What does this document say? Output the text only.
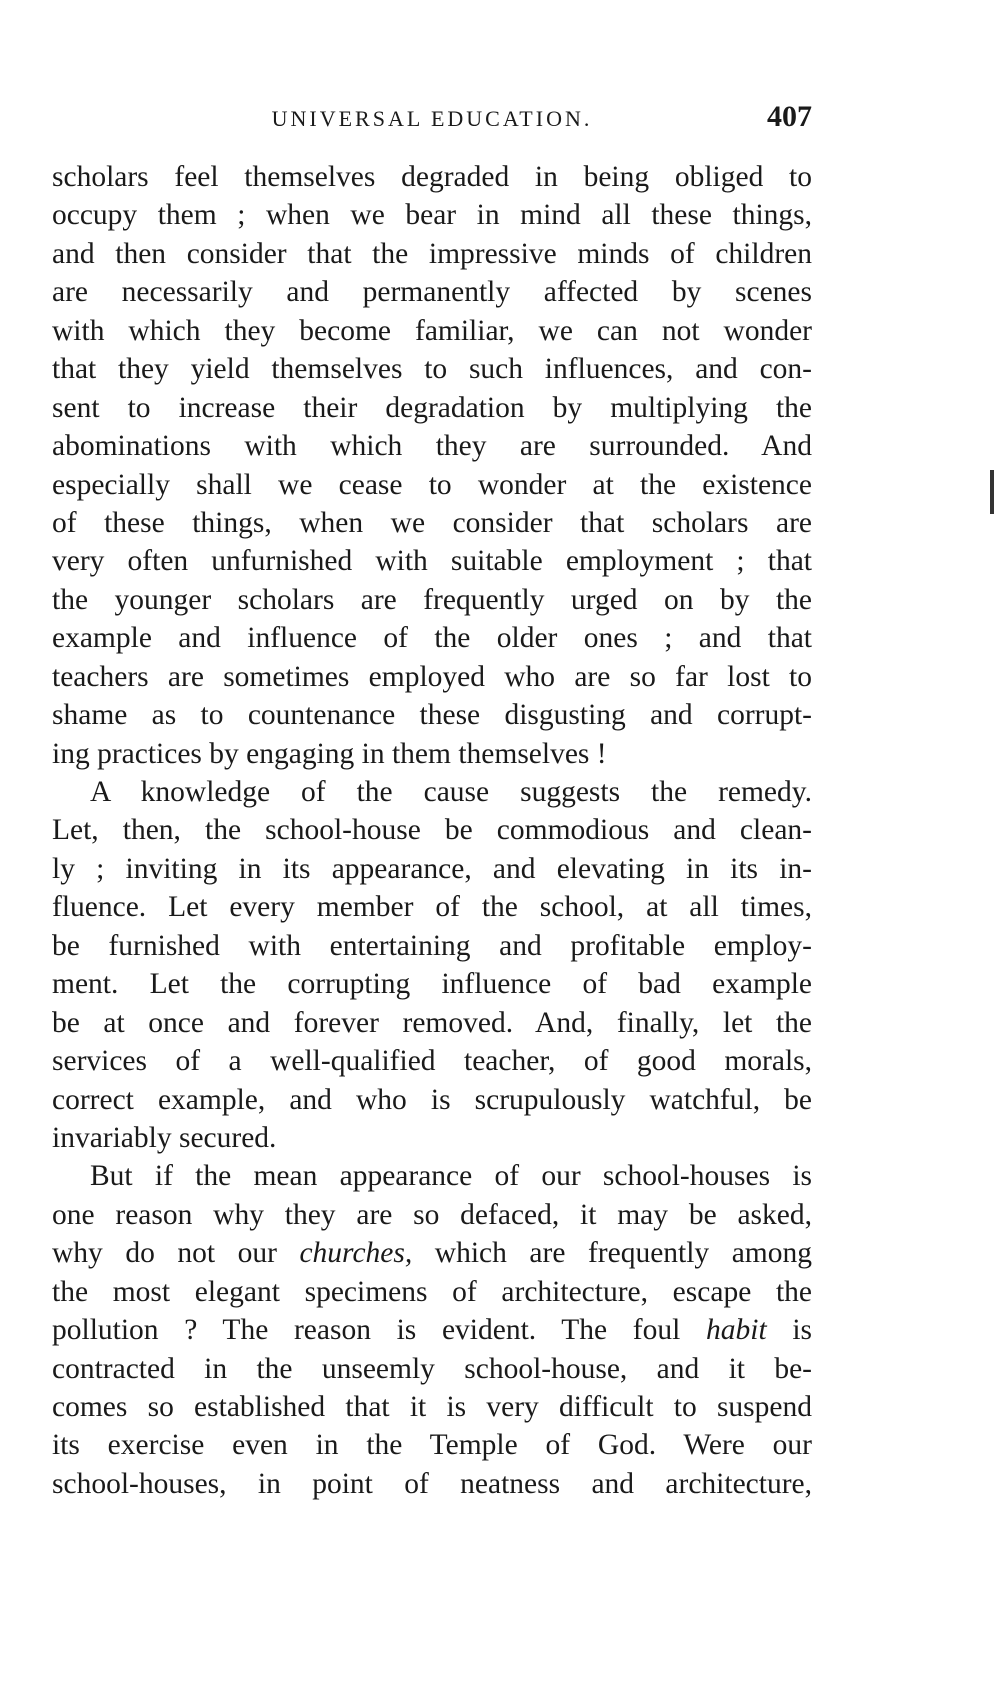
UNIVERSAL EDUCATION.	407
scholars feel themselves degraded in being obliged to
occupy them ; when we bear in mind all these things,
and then consider that the impressive minds of children
are necessarily and permanently affected by scenes
with which they become familiar, we can not wonder
that they yield themselves to such influences, and con-
sent to increase their degradation by multiplying the
abominations with which they are surrounded. And
especially shall we cease to wonder at the existence
of these things, when we consider that scholars are
very often unfurnished with suitable employment ; that
the younger scholars are frequently urged on by the
example and influence of the older ones ; and that
teachers are sometimes employed who are so far lost to
shame as to countenance these disgusting and corrupt-
ing practices by engaging in them themselves !
A knowledge of the cause suggests the remedy.
Let, then, the school-house be commodious and clean-
ly ; inviting in its appearance, and elevating in its in-
fluence. Let every member of the school, at all times,
be furnished with entertaining and profitable employ-
ment. Let the corrupting influence of bad example
be at once and forever removed. And, finally, let the
services of a well-qualified teacher, of good morals,
correct example, and who is scrupulously watchful, be
invariably secured.
But if the mean appearance of our school-houses is
one reason why they are so defaced, it may be asked,
why do not our churches, which are frequently among
the most elegant specimens of architecture, escape the
pollution ? The reason is evident. The foul habit is
contracted in the unseemly school-house, and it be-
comes so established that it is very difficult to suspend
its exercise even in the Temple of God. Were our
school-houses, in point of neatness and architecture,
